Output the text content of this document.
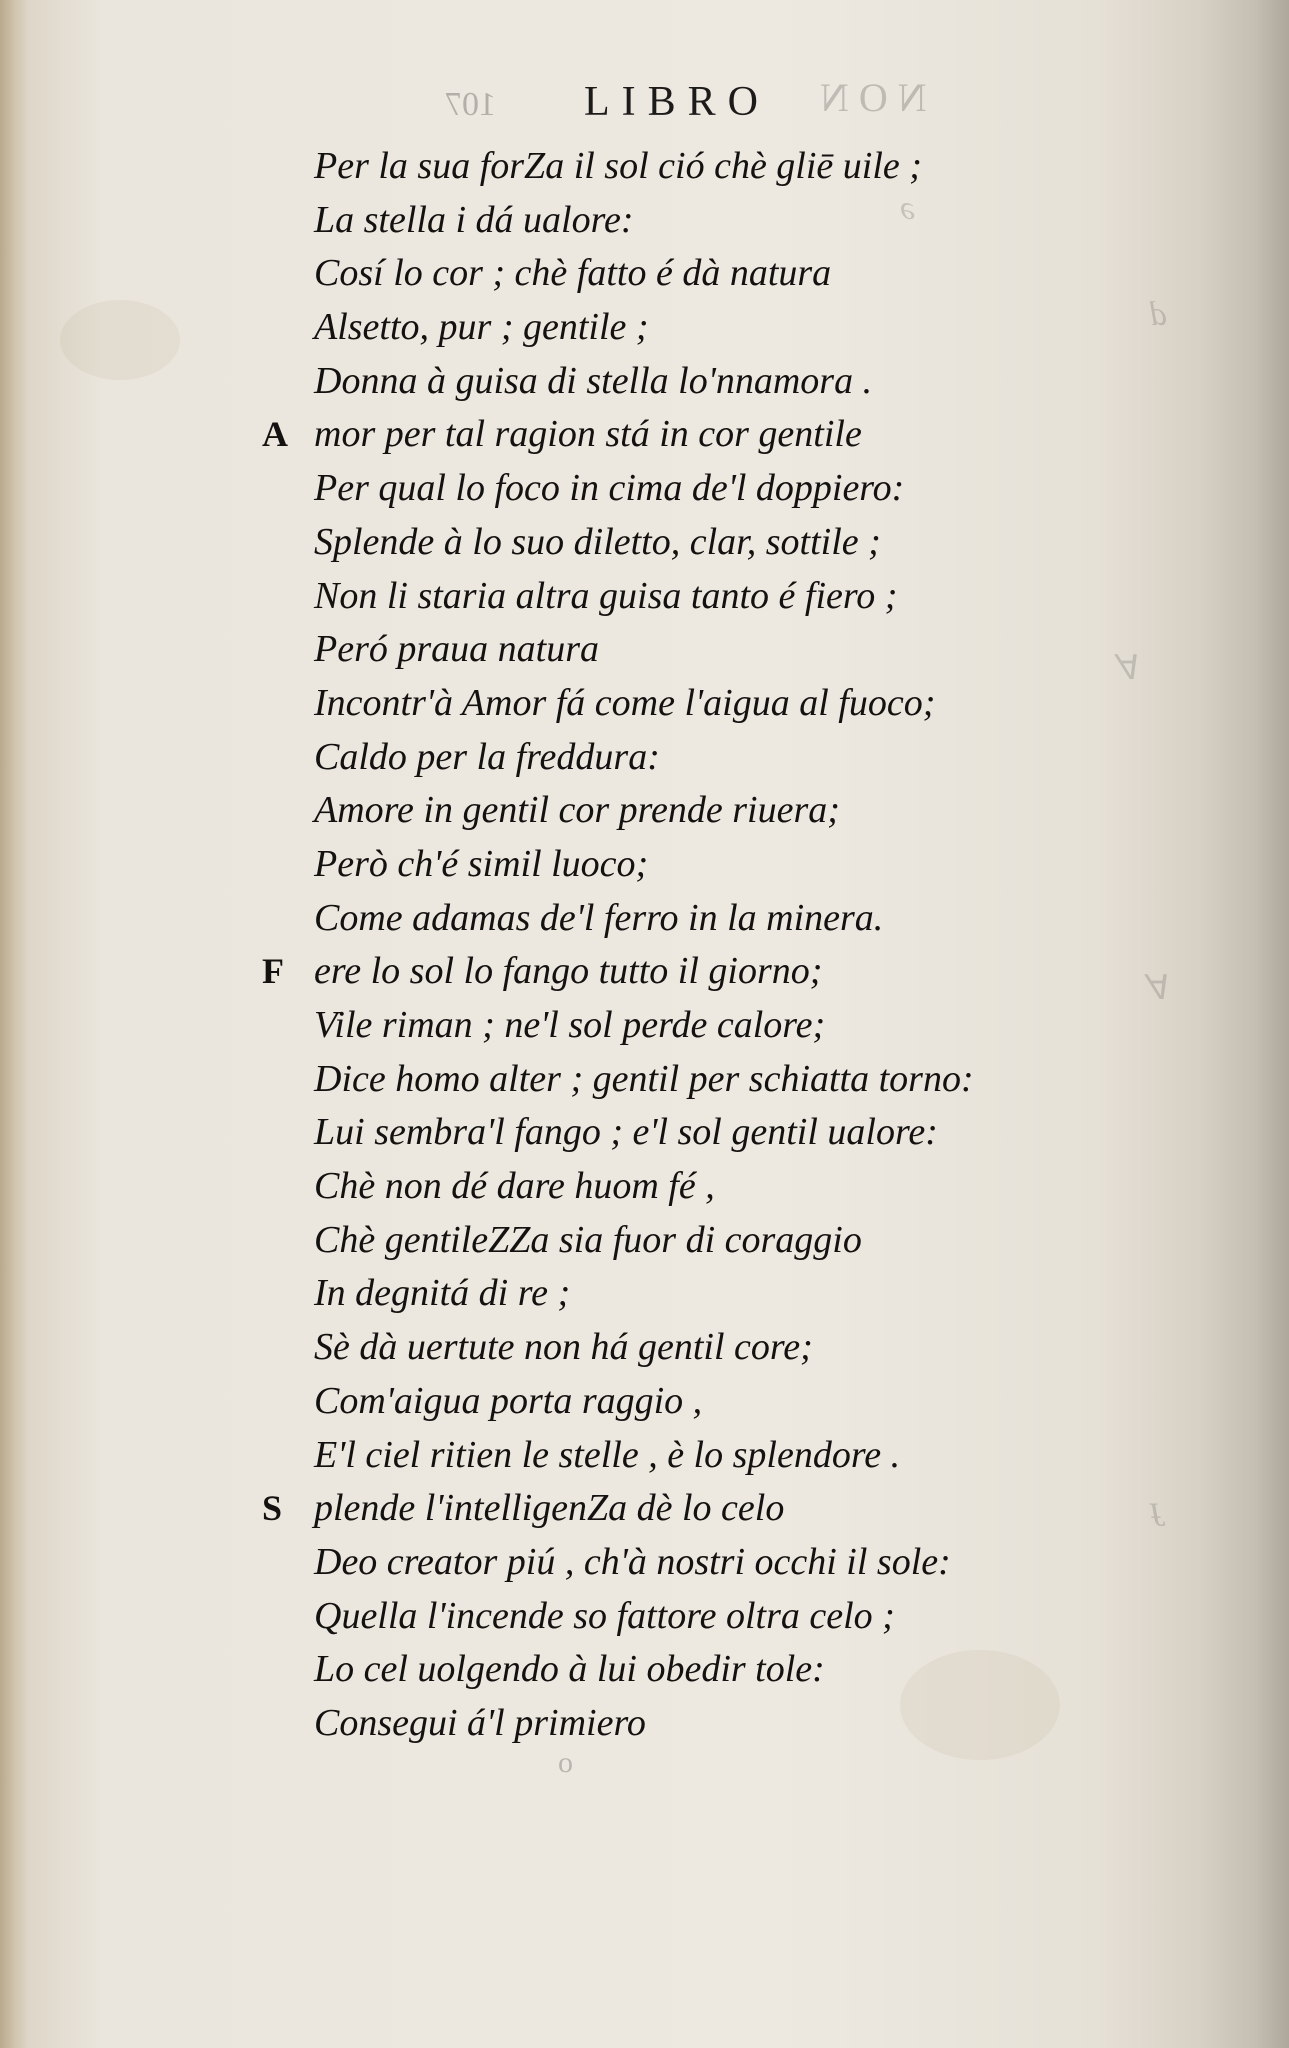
NON
107
ǝ
d
∀
∀
ɟ
LIBRO
Per la sua forZa il sol ció chè gliē uile ;
La stella i dá ualore:
Cosí lo cor ; chè fatto é dà natura
Alsetto, pur ; gentile ;
Donna à guisa di stella lo'nnamora .
A mor per tal ragion stá in cor gentile
Per qual lo foco in cima de'l doppiero:
Splende à lo suo diletto, clar, sottile ;
Non li staria altra guisa tanto é fiero ;
Peró praua natura
Incontr'à Amor fá come l'aigua al fuoco;
Caldo per la freddura:
Amore in gentil cor prende riuera;
Però ch'é simil luoco;
Come adamas de'l ferro in la minera.
F ere lo sol lo fango tutto il giorno;
Vile riman ; ne'l sol perde calore;
Dice homo alter ; gentil per schiatta torno:
Lui sembra'l fango ; e'l sol gentil ualore:
Chè non dé dare huom fé ,
Chè gentileZZa sia fuor di coraggio
In degnitá di re ;
Sè dà uertute non há gentil core;
Com'aigua porta raggio ,
E'l ciel ritien le stelle , è lo splendore .
S plende l'intelligenZa dè lo celo
Deo creator piú , ch'à nostri occhi il sole:
Quella l'incende so fattore oltra celo ;
Lo cel uolgendo à lui obedir tole:
Consegui á'l primiero
o
